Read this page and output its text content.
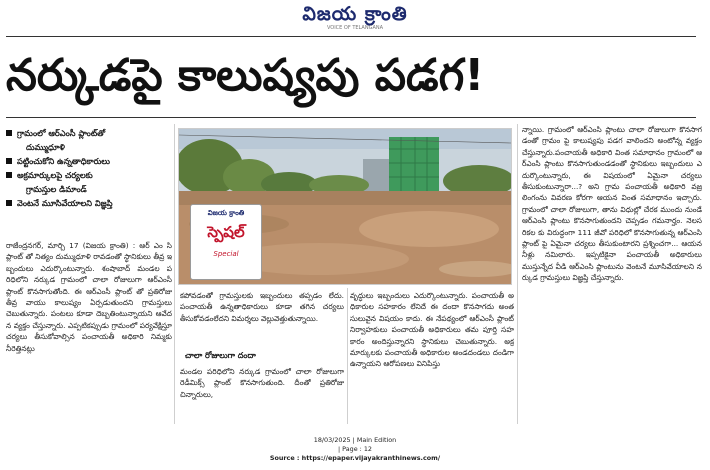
విజయ క్రాంతి
VOICE OF TELANGANA
నర్కుడపై కాలుష్యపు పడగ!
గ్రామంలో ఆర్ఎంసీ ప్లాంట్‌తో
దుమ్ముధూళి
పట్టించుకోని ఉన్నతాధికారులు
అక్రమార్కులపై చర్యలకు
గ్రామస్తుల డిమాండ్
వెంటనే మూసివేయాలని విజ్ఞప్తి
రాజేంద్రనగర్, మార్చి 17 (విజయ క్రాంతి) : ఆర్ ఎం సి ప్లాంట్ తో నిత్యం దుమ్ముధూళి రావడంతో స్థానికులు తీవ్ర ఇబ్బందులు ఎదుర్కొంటున్నారు. శంషాబాద్ మండల పరిధిలోని నర్కుడ గ్రామంలో చాలా రోజులుగా ఆర్ఎంసీ ప్లాంట్ కొనసాగుతోంది. ఈ ఆర్ఎంసీ ప్లాంట్ తో ప్రతిరోజు తీవ్ర వాయు కాలుష్యం ఏర్పడుతుందని గ్రామస్తులు చెబుతున్నారు. పంటలు కూడా దెబ్బతింటున్నాయని ఆవేదన వ్యక్తం చేస్తున్నారు. ఎప్పటికప్పుడు గ్రామంలో పర్యవేక్షిస్తూ చర్యలు తీసుకోవాల్సిన పంచాయతీ అధికారి నిమ్మకు నీరెత్తినట్లు
విజయ క్రాంతి
స్పెషల్
Special
కపోవడంతో గ్రామస్తులకు ఇబ్బందులు తప్పడం లేదు. పంచాయతీ ఉన్నతాధికారులు కూడా తగిన చర్యలు తీసుకోవడంలేదని విమర్శలు వెల్లువెత్తుతున్నాయి.
చాలా రోజులుగా దందా
మండల పరిధిలోని నర్కుడ గ్రామంలో చాలా రోజులుగా రెడీమిక్స్ ప్లాంట్ కొనసాగుతుంది. దీంతో ప్రతిరోజు చిన్నారులు,
వృద్ధులు ఇబ్బందులు ఎదుర్కొంటున్నారు. పంచాయతీ అధికారుల సహకారం లేనిదే ఈ దందా కొనసాగదు అంత సులువైన విషయం కాదు. ఈ నేపథ్యంలో ఆర్ఎంసీ ప్లాంట్ నిర్వాహకులు పంచాయతీ అధికారులు తమ పూర్తి సహకారం అందిస్తున్నారని స్థానికులు చెబుతున్నారు. అక్రమార్కులకు పంచాయతీ అధికారుల అండదండలు దండిగా ఉన్నాయని ఆరోపణలు వినిపిస్తు
న్నాయి. గ్రామంలో ఆర్ఎంసి ప్లాంటు చాలా రోజులుగా కొనసాగడంతో గ్రామం పై కాలుష్యపు పడగ వాలిందని అంటోన్న వ్యక్తం చేస్తున్నారు.పంచాయతీ అధికారి వింత సమాధానం గ్రామంలో ఆర్ఎంసి ప్లాంటు కొనసాగుతుండడంతో స్థానికులు ఇబ్బందులు ఎదుర్కొంటున్నారు, ఈ విషయంలో ఏమైనా చర్యలు తీసుకుంటున్నారా...? అని గ్రామ పంచాయతీ అధికారి వజ్ర లింగంను వివరణ కోరగా ఆయన వింత సమాధానం ఇచ్చారు. గ్రామంలో చాలా రోజులుగా, తాను విధుల్లో చేరక ముందు నుండే ఆర్ఎంసి ప్లాంటు కొనసాగుతుందని చెప్పడం గమనార్హం. నెలసరికల కు విరుద్ధంగా 111 జీవో పరిధిలో కొనసాగుతున్న ఆర్ఎంసి ప్లాంట్ పై ఏమైనా చర్యలు తీసుకుంటారని ప్రశ్నించగా... ఆయన నీళ్లు నమిలారు. ఇప్పటికైనా పంచాయతీ అధికారులు ముస్తున్నేద వీడి ఆర్ఎంసి ప్లాంటును వెంటనే మూసివేయాలని నర్కుడ గ్రామస్తులు విజ్ఞప్తి చేస్తున్నారు.
18/03/2025 | Main Edition
| Page : 12
Source : https://epaper.vijayakranthinews.com/
